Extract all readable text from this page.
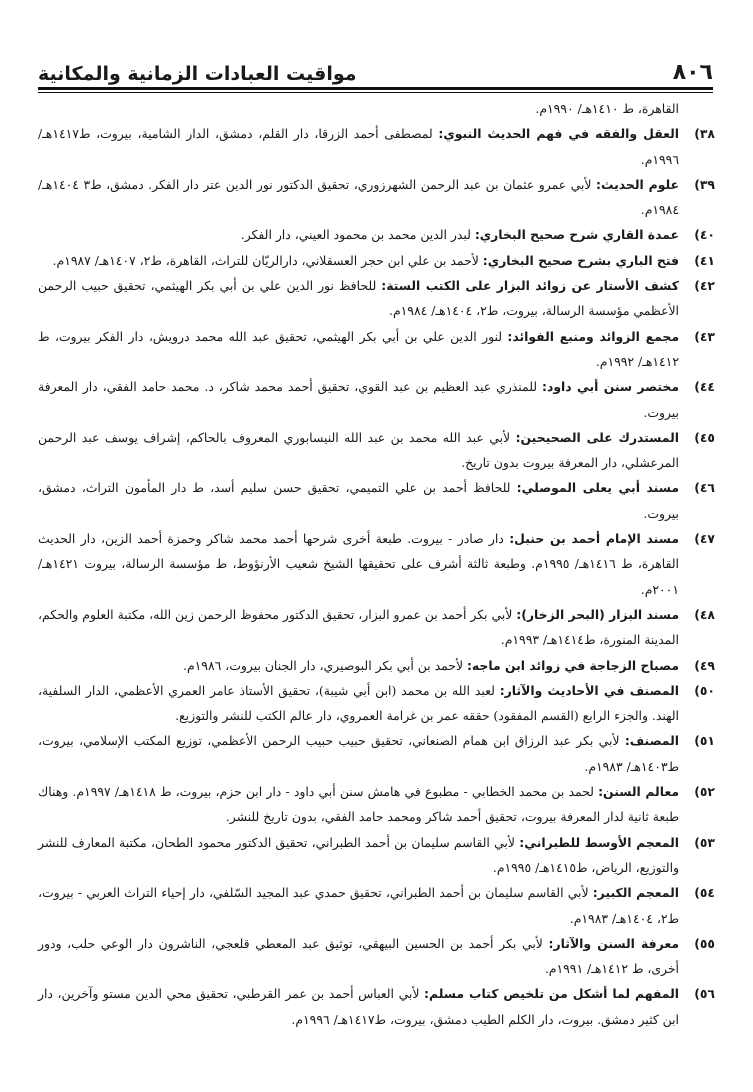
٨٠٦
مواقيت العبادات الزمانية والمكانية

القاهرة، ط ١٤١٠هـ/ ١٩٩٠م.

٣٨)
العقل والفقه في فهم الحديث النبوي: لمصطفى أحمد الزرقا، دار القلم، دمشق، الدار الشامية، بيروت، ط١٤١٧هـ/ ١٩٩٦م.

٣٩)
علوم الحديث: لأبي عمرو عثمان بن عبد الرحمن الشهرزوري، تحقيق الدكتور نور الدين عتر دار الفكر. دمشق، ط٣ ١٤٠٤هـ/ ١٩٨٤م.

٤٠)
عمدة القاري شرح صحيح البخاري: لبدر الدين محمد بن محمود العيني، دار الفكر.

٤١)
فتح الباري بشرح صحيح البخاري: لأحمد بن علي ابن حجر العسقلاني، دارالريّان للتراث، القاهرة، ط٢، ١٤٠٧هـ/ ١٩٨٧م.

٤٢)
كشف الأستار عن زوائد البزار على الكتب الستة: للحافظ نور الدين علي بن أبي بكر الهيثمي، تحقيق حبيب الرحمن الأعظمي مؤسسة الرسالة، بيروت، ط٢، ١٤٠٤هـ/ ١٩٨٤م.

٤٣)
مجمع الزوائد ومنبع الفوائد: لنور الدين علي بن أبي بكر الهيثمي، تحقيق عبد الله محمد درويش، دار الفكر بيروت، ط ١٤١٢هـ/ ١٩٩٢م.

٤٤)
مختصر سنن أبي داود: للمنذري عبد العظيم بن عبد القوي، تحقيق أحمد محمد شاكر، د. محمد حامد الفقي، دار المعرفة بيروت.

٤٥)
المستدرك على الصحيحين: لأبي عبد الله محمد بن عبد الله النيسابوري المعروف بالحاكم، إشراف يوسف عبد الرحمن المرعشلي، دار المعرفة بيروت بدون تاريخ.

٤٦)
مسند أبي يعلى الموصلي: للحافظ أحمد بن علي التميمي، تحقيق حسن سليم أسد، ط دار المأمون التراث، دمشق، بيروت.

٤٧)
مسند الإمام أحمد بن حنبل: دار صادر - بيروت. طبعة أخرى شرحها أحمد محمد شاكر وحمزة أحمد الزين، دار الحديث القاهرة، ط ١٤١٦هـ/ ١٩٩٥م. وطبعة ثالثة أشرف على تحقيقها الشيخ شعيب الأرنؤوط، ط مؤسسة الرسالة، بيروت ١٤٢١هـ/ ٢٠٠١م.

٤٨)
مسند البزار (البحر الزخار): لأبي بكر أحمد بن عمرو البزار، تحقيق الدكتور محفوظ الرحمن زين الله، مكتبة العلوم والحكم، المدينة المنورة، ط١٤١٤هـ/ ١٩٩٣م.

٤٩)
مصباح الزجاجة في زوائد ابن ماجه: لأحمد بن أبي بكر البوصيري، دار الجنان بيروت، ١٩٨٦م.

٥٠)
المصنف في الأحاديث والآثار: لعبد الله بن محمد (ابن أبي شيبة)، تحقيق الأستاذ عامر العمري الأعظمي، الدار السلفية، الهند. والجزء الرابع (القسم المفقود) حققه عمر بن غرامة العمروي، دار عالم الكتب للنشر والتوزيع.

٥١)
المصنف: لأبي بكر عبد الرزاق ابن همام الصنعاني، تحقيق حبيب حبيب الرحمن الأعظمي، توزيع المكتب الإسلامي، بيروت، ط١٤٠٣هـ/ ١٩٨٣م.

٥٢)
معالم السنن: لحمد بن محمد الخطابي - مطبوع في هامش سنن أبي داود - دار ابن حزم، بيروت، ط ١٤١٨هـ/ ١٩٩٧م. وهناك طبعة ثانية لدار المعرفة بيروت، تحقيق أحمد شاكر ومحمد حامد الفقي، بدون تاريخ للنشر.

٥٣)
المعجم الأوسط للطبراني: لأبي القاسم سليمان بن أحمد الطبراني، تحقيق الدكتور محمود الطحان، مكتبة المعارف للنشر والتوزيع، الرياض، ط١٤١٥هـ/ ١٩٩٥م.

٥٤)
المعجم الكبير: لأبي القاسم سليمان بن أحمد الطبراني، تحقيق حمدي عبد المجيد السّلفي، دار إحياء التراث العربي - بيروت، ط٢، ١٤٠٤هـ/ ١٩٨٣م.

٥٥)
معرفة السنن والآثار: لأبي بكر أحمد بن الحسين البيهقي، توثيق عبد المعطي قلعجي، الناشرون دار الوعي حلب، ودور أخرى، ط ١٤١٢هـ/ ١٩٩١م.

٥٦)
المفهم لما أشكل من تلخيص كتاب مسلم: لأبي العباس أحمد بن عمر القرطبي، تحقيق محي الدين مستو وآخرين، دار ابن كثير دمشق. بيروت، دار الكلم الطيب دمشق، بيروت، ط١٤١٧هـ/ ١٩٩٦م.
